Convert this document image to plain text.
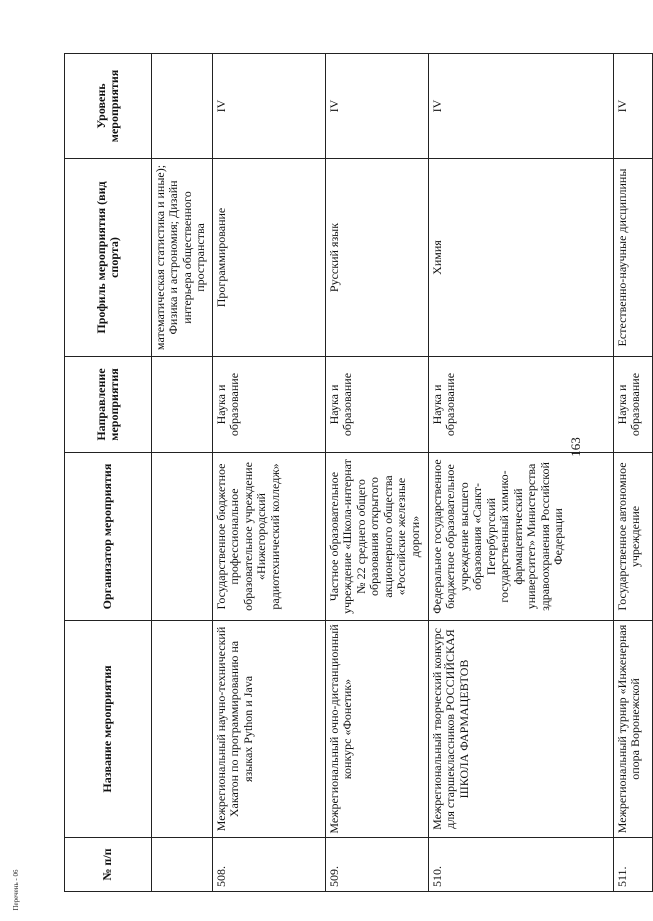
163
№ п/п	Название мероприятия	Организатор мероприятия	Направление мероприятия	Профиль мероприятия (вид спорта)	Уровень мероприятия
				математическая статистика и иные); Физика и астрономия; Дизайн интерьера общественного пространства	
508.	Межрегиональный научно-технический Хакатон по программированию на языках Python и Java	Государственное бюджетное профессиональное образовательное учреждение «Нижегородский радиотехнический колледж»	Наука и образование	Программирование	IV
509.	Межрегиональный очно-дистанционный конкурс «Фонетик»	Частное образовательное учреждение «Школа-интернат № 22 среднего общего образования открытого акционерного общества «Российские железные дороги»	Наука и образование	Русский язык	IV
510.	Межрегиональный творческий конкурс для старшеклассников РОССИЙСКАЯ ШКОЛА ФАРМАЦЕВТОВ	Федеральное государственное бюджетное образовательное учреждение высшего образования «Санкт-Петербургский государственный химико-фармацевтический университет» Министерства здравоохранения Российской Федерации	Наука и образование	Химия	IV
511.	Межрегиональный турнир «Инженерная опора Воронежской	Государственное автономное учреждение	Наука и образование	Естественно-научные дисциплины	IV
Перечень - 06
